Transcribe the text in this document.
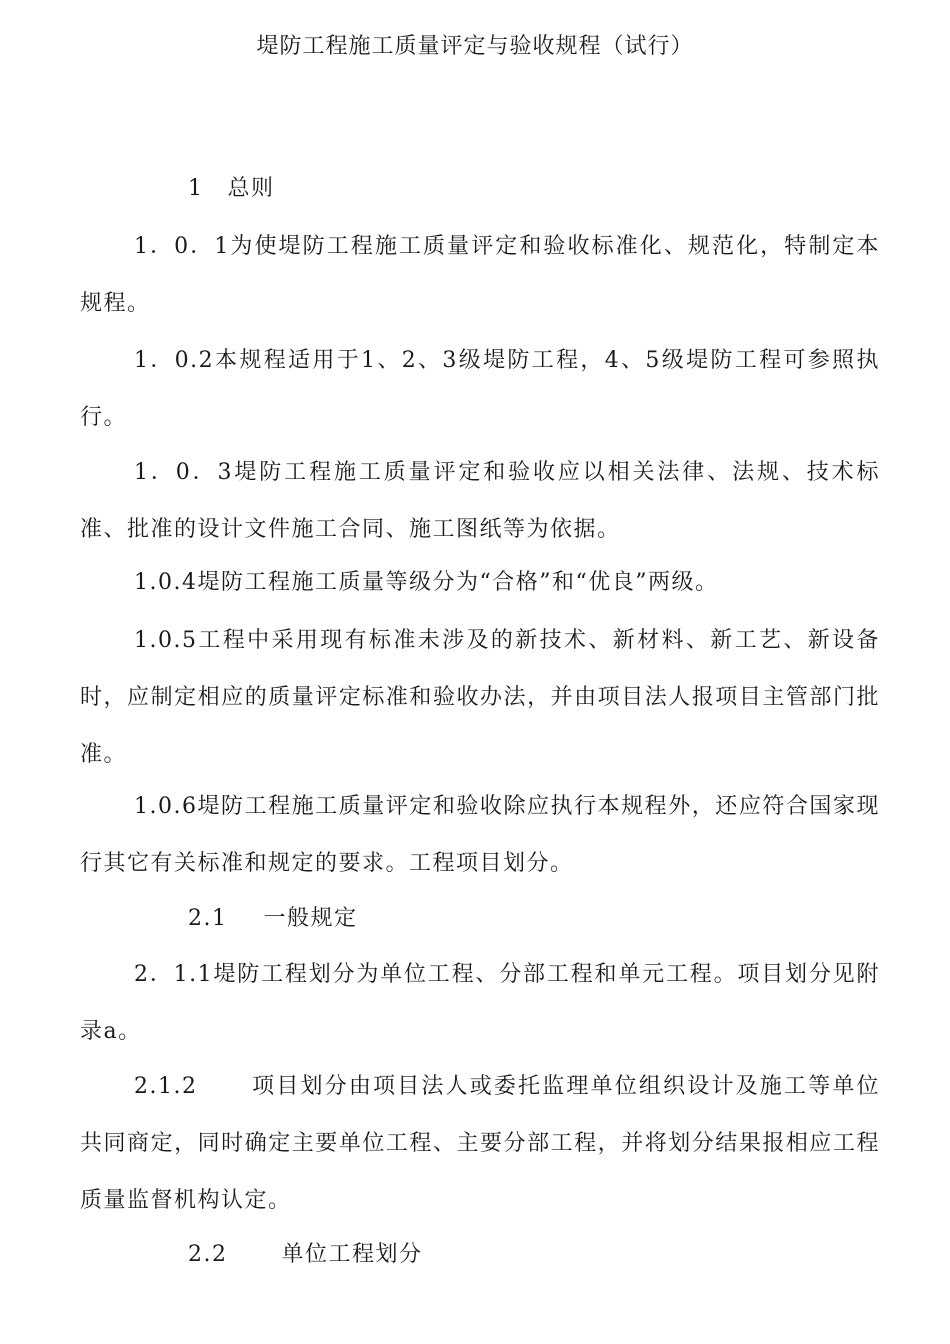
堤防工程施工质量评定与验收规程（试行）
1 总则
1．0．1为使堤防工程施工质量评定和验收标准化、规范化，特制定本规程。
1．0.2本规程适用于1、2、3级堤防工程，4、5级堤防工程可参照执行。
1．0．3堤防工程施工质量评定和验收应以相关法律、法规、技术标准、批准的设计文件施工合同、施工图纸等为依据。
1.0.4堤防工程施工质量等级分为“合格”和“优良”两级。
1.0.5工程中采用现有标准未涉及的新技术、新材料、新工艺、新设备时，应制定相应的质量评定标准和验收办法，并由项目法人报项目主管部门批准。
1.0.6堤防工程施工质量评定和验收除应执行本规程外，还应符合国家现行其它有关标准和规定的要求。工程项目划分。
2.1 一般规定
2．1.1堤防工程划分为单位工程、分部工程和单元工程。项目划分见附录a。
2.1.2 项目划分由项目法人或委托监理单位组织设计及施工等单位共同商定，同时确定主要单位工程、主要分部工程，并将划分结果报相应工程质量监督机构认定。
2.2 单位工程划分
